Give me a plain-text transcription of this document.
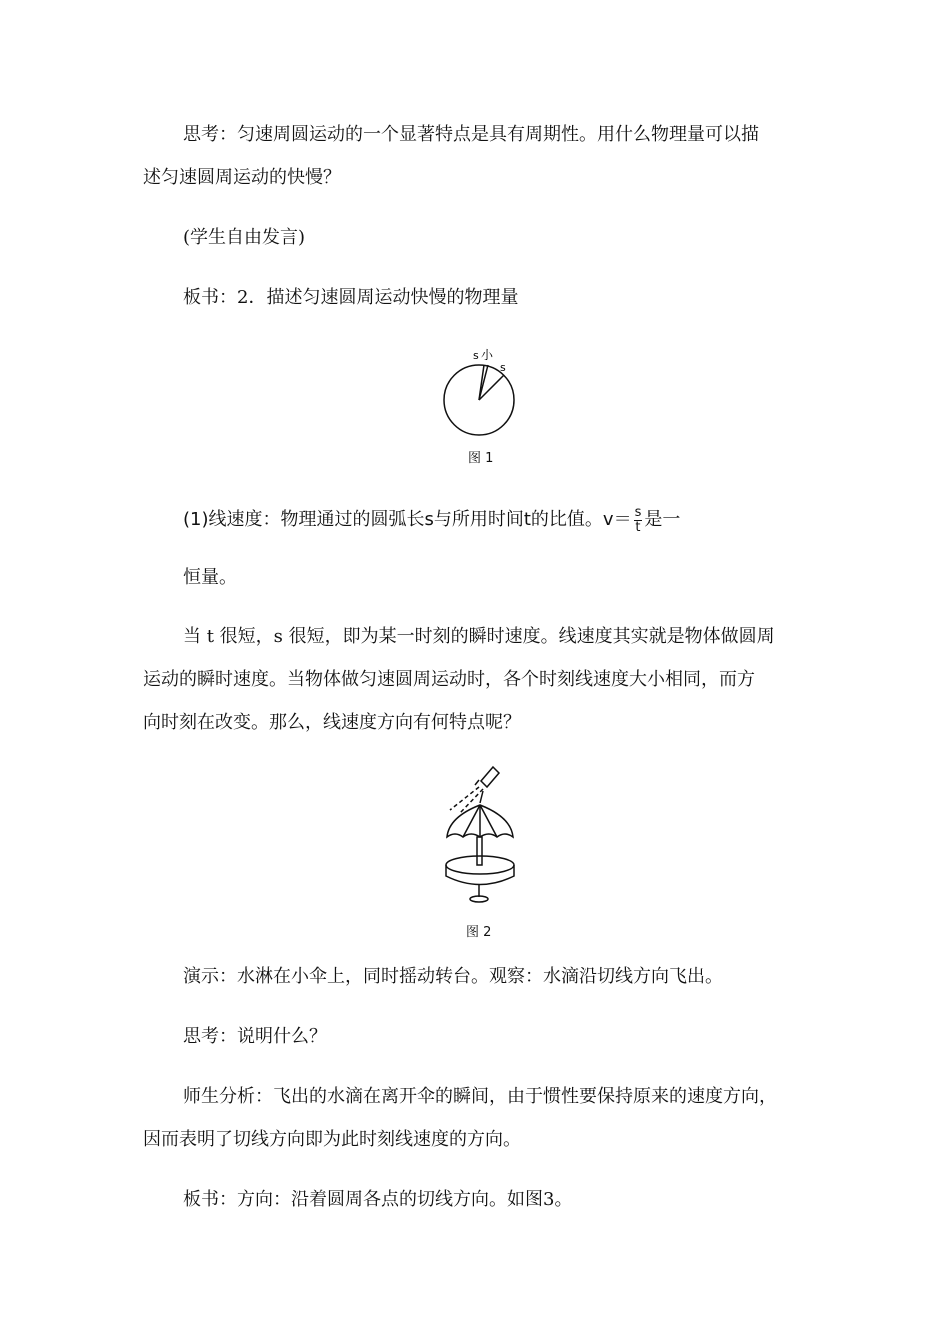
思考：匀速周圆运动的一个显著特点是具有周期性。用什么物理量可以描
述匀速圆周运动的快慢？
(学生自由发言)
板书：2．描述匀速圆周运动快慢的物理量
s 小
s
图 1
(1)线速度：物理通过的圆弧长s与所用时间t的比值。$v= \frac{s}{t}$ 是一
恒量。
当 t 很短，s 很短，即为某一时刻的瞬时速度。线速度其实就是物体做圆周
运动的瞬时速度。当物体做匀速圆周运动时，各个时刻线速度大小相同，而方
向时刻在改变。那么，线速度方向有何特点呢？
图 2
演示：水淋在小伞上，同时摇动转台。观察：水滴沿切线方向飞出。
思考：说明什么？
师生分析：飞出的水滴在离开伞的瞬间，由于惯性要保持原来的速度方向，
因而表明了切线方向即为此时刻线速度的方向。
板书：方向：沿着圆周各点的切线方向。如图3。
